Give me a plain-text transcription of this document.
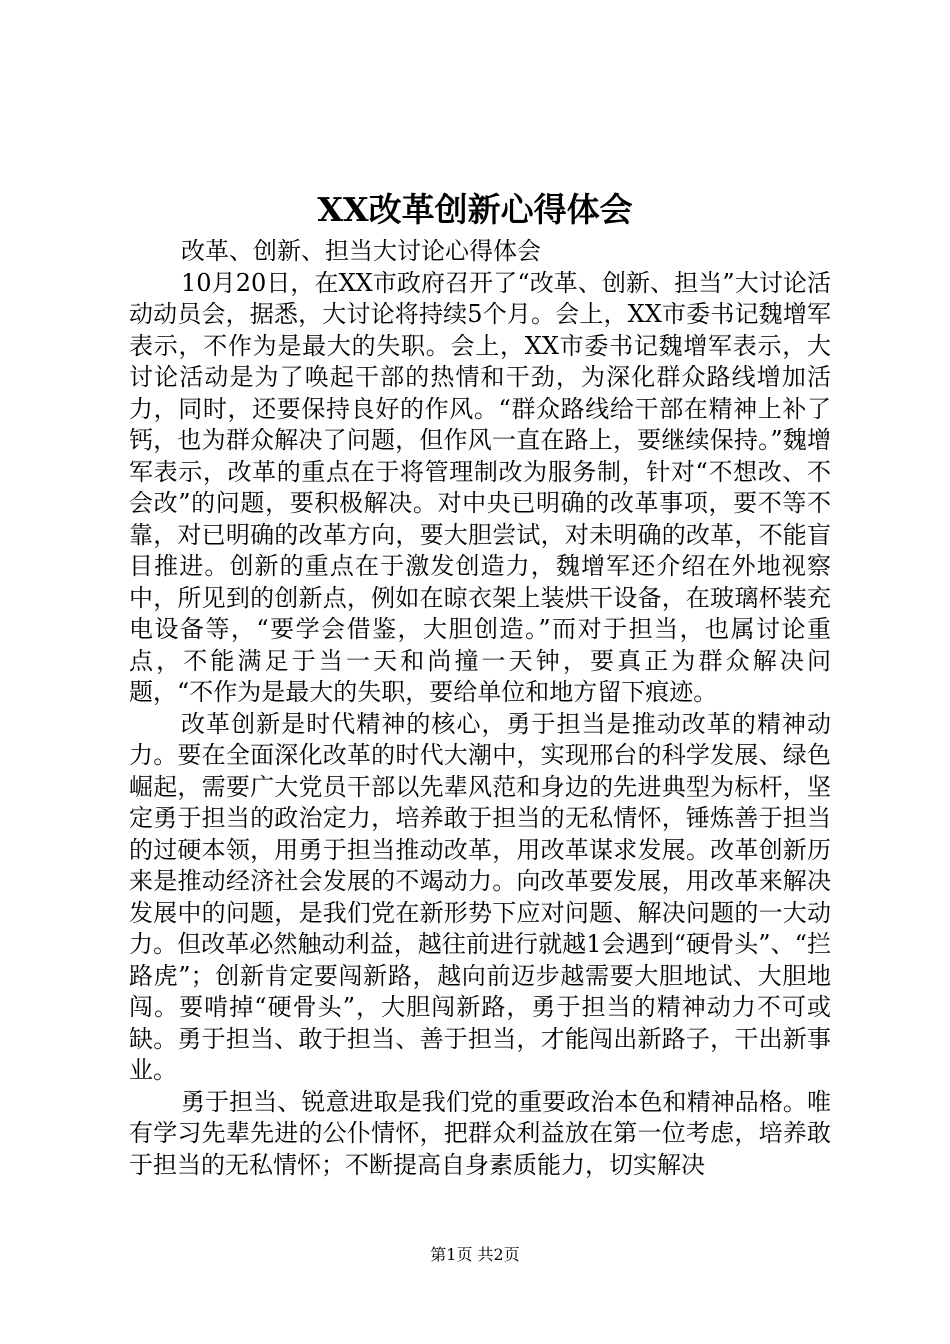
XX改革创新心得体会

改革、创新、担当大讨论心得体会

10月20日，在XX市政府召开了“改革、创新、担当”大讨论活动动员会，据悉，大讨论将持续5个月。会上，XX市委书记魏增军表示，不作为是最大的失职。会上，XX市委书记魏增军表示，大讨论活动是为了唤起干部的热情和干劲，为深化群众路线增加活力，同时，还要保持良好的作风。“群众路线给干部在精神上补了钙，也为群众解决了问题，但作风一直在路上，要继续保持。”魏增军表示，改革的重点在于将管理制改为服务制，针对“不想改、不会改”的问题，要积极解决。对中央已明确的改革事项，要不等不靠，对已明确的改革方向，要大胆尝试，对未明确的改革，不能盲目推进。创新的重点在于激发创造力，魏增军还介绍在外地视察中，所见到的创新点，例如在晾衣架上装烘干设备，在玻璃杯装充电设备等，“要学会借鉴，大胆创造。”而对于担当，也属讨论重点，不能满足于当一天和尚撞一天钟，要真正为群众解决问题，“不作为是最大的失职，要给单位和地方留下痕迹。

改革创新是时代精神的核心，勇于担当是推动改革的精神动力。要在全面深化改革的时代大潮中，实现邢台的科学发展、绿色崛起，需要广大党员干部以先辈风范和身边的先进典型为标杆，坚定勇于担当的政治定力，培养敢于担当的无私情怀，锤炼善于担当的过硬本领，用勇于担当推动改革，用改革谋求发展。改革创新历来是推动经济社会发展的不竭动力。向改革要发展，用改革来解决发展中的问题，是我们党在新形势下应对问题、解决问题的一大动力。但改革必然触动利益，越往前进行就越1会遇到“硬骨头”、“拦路虎”；创新肯定要闯新路，越向前迈步越需要大胆地试、大胆地闯。要啃掉“硬骨头”，大胆闯新路，勇于担当的精神动力不可或缺。勇于担当、敢于担当、善于担当，才能闯出新路子，干出新事业。

勇于担当、锐意进取是我们党的重要政治本色和精神品格。唯有学习先辈先进的公仆情怀，把群众利益放在第一位考虑，培养敢于担当的无私情怀；不断提高自身素质能力，切实解决

第1页 共2页
